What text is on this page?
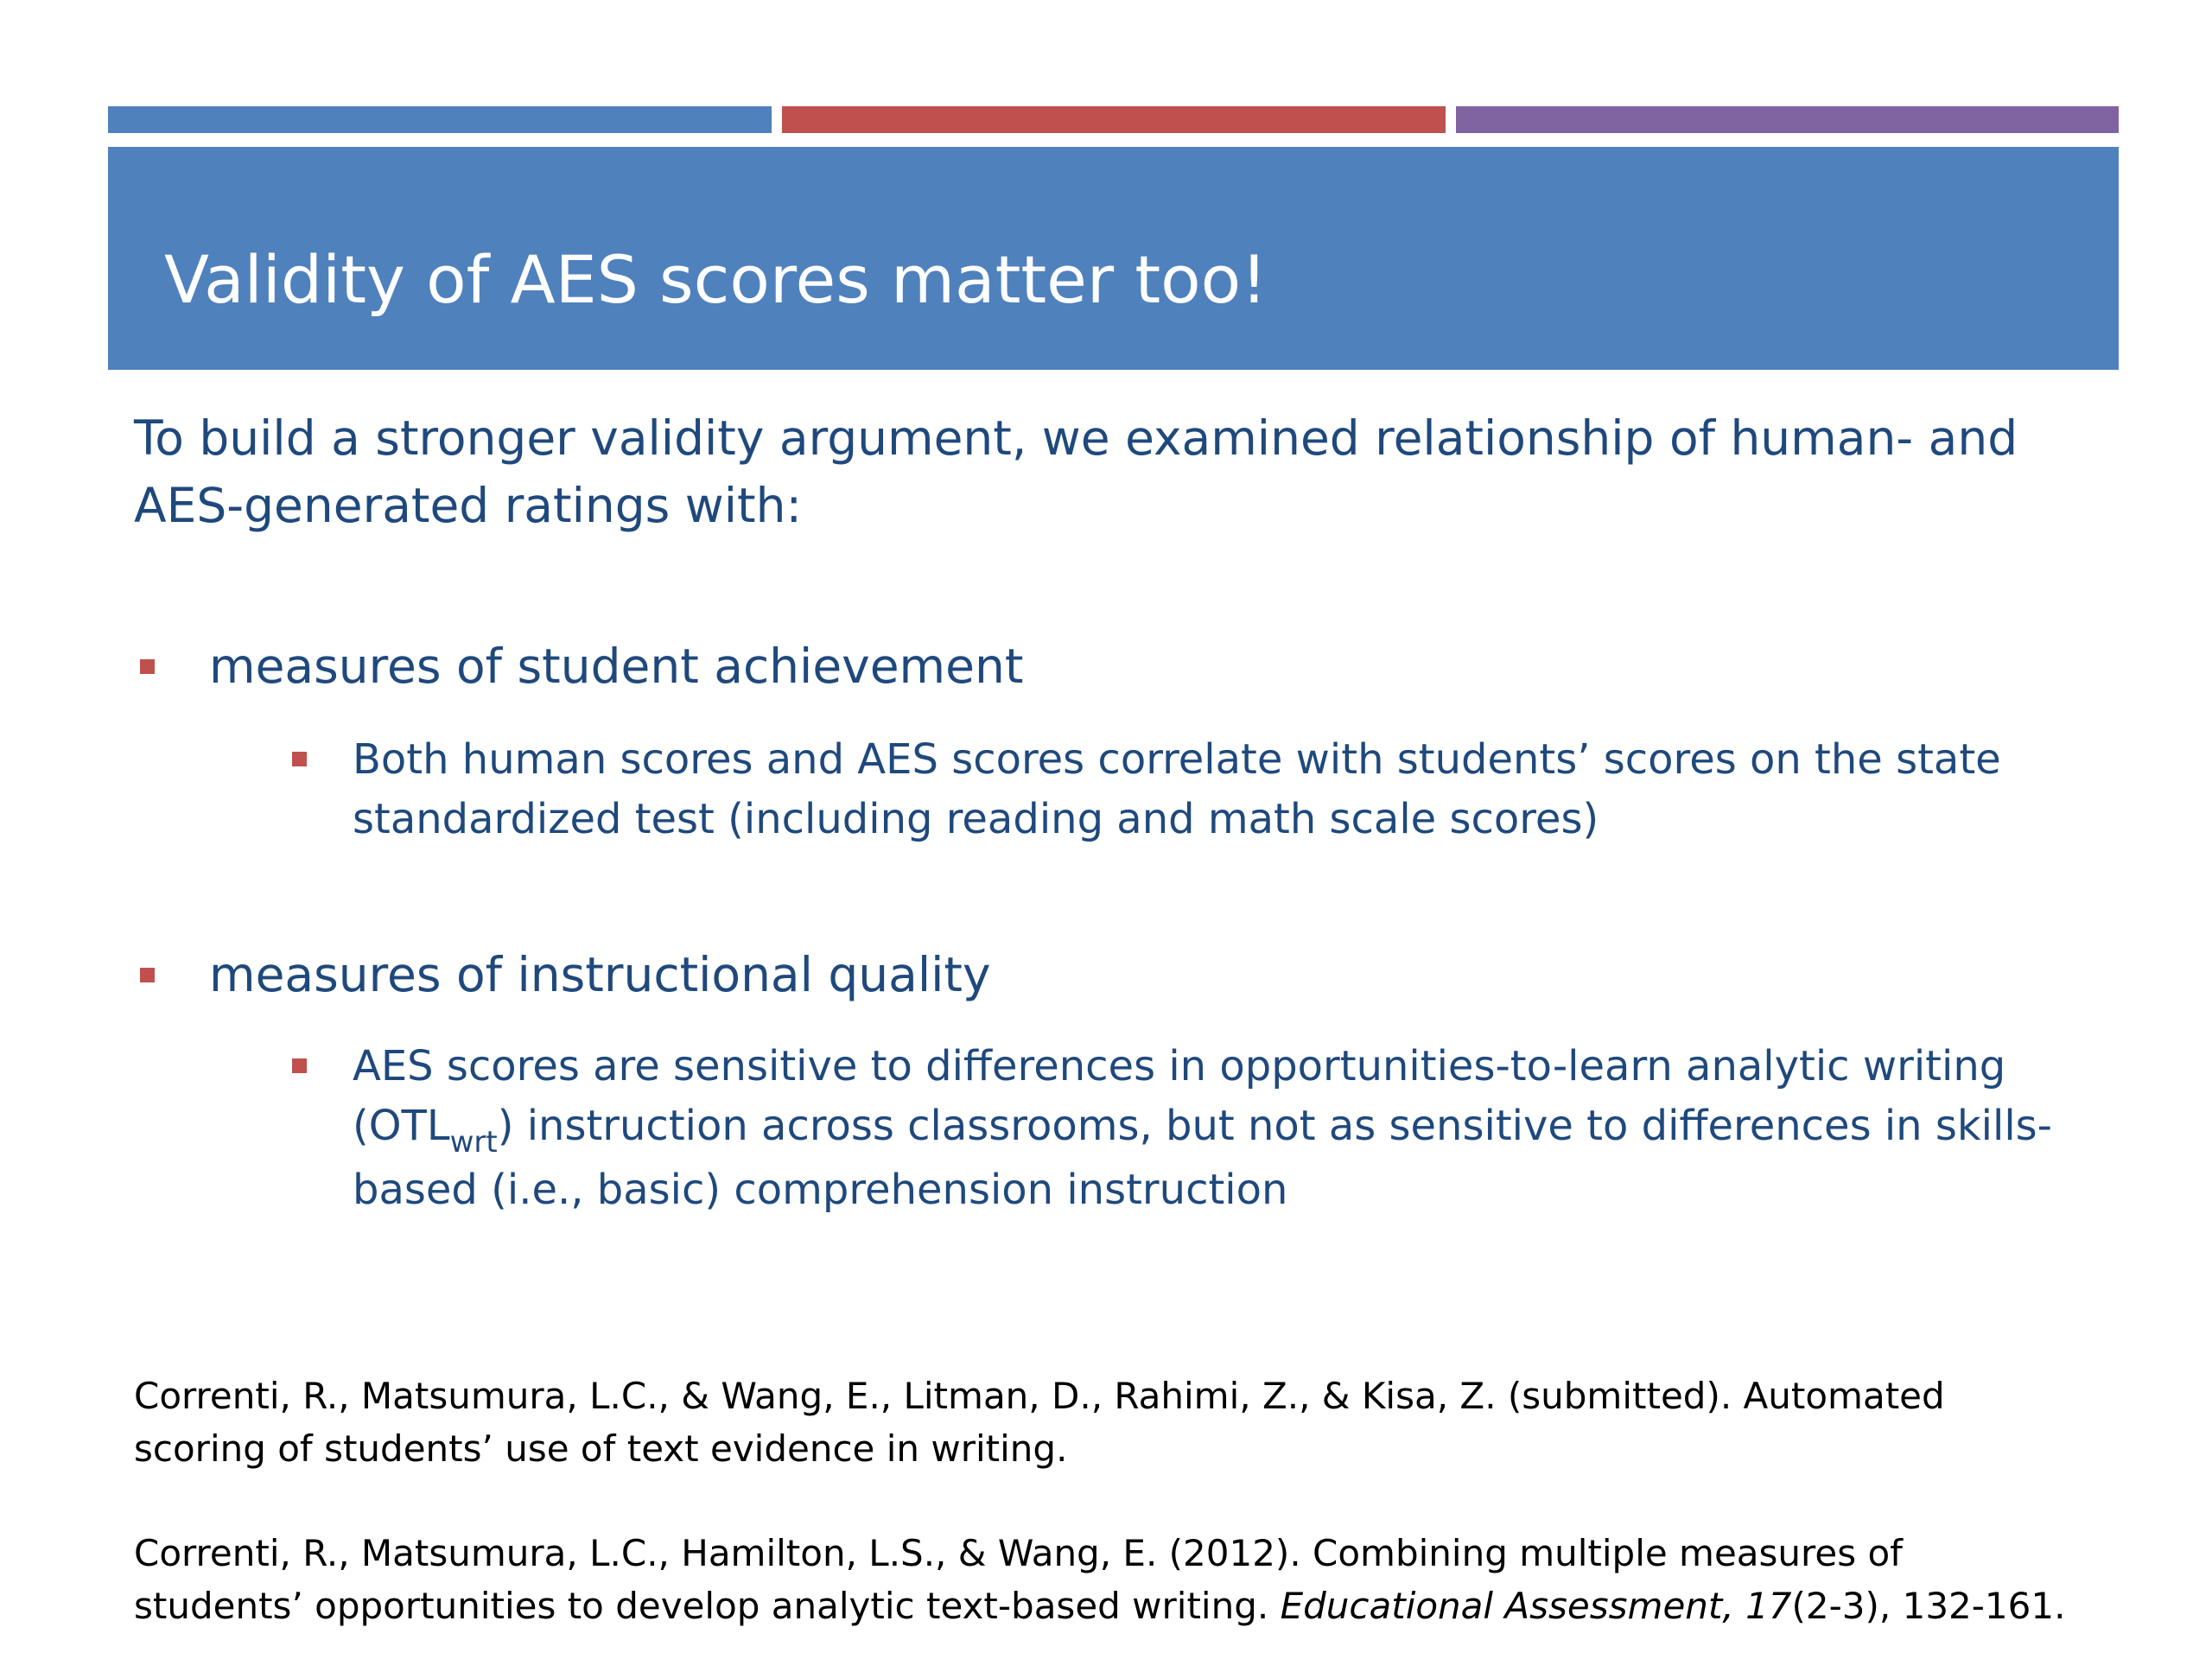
Validity of AES scores matter too!

To build a stronger validity argument, we examined relationship of human- and AES-generated ratings with:

measures of student achievement
Both human scores and AES scores correlate with students’ scores on the state standardized test (including reading and math scale scores)
measures of instructional quality
AES scores are sensitive to differences in opportunities-to-learn analytic writing $(OTL_{wrt})$ instruction across classrooms, but not as sensitive to differences in skills-based (i.e., basic) comprehension instruction

Correnti, R., Matsumura, L.C., & Wang, E., Litman, D., Rahimi, Z., & Kisa, Z. (submitted). Automated scoring of students’ use of text evidence in writing.

Correnti, R., Matsumura, L.C., Hamilton, L.S., & Wang, E. (2012). Combining multiple measures of students’ opportunities to develop analytic text-based writing. Educational Assessment, 17(2-3), 132-161.
